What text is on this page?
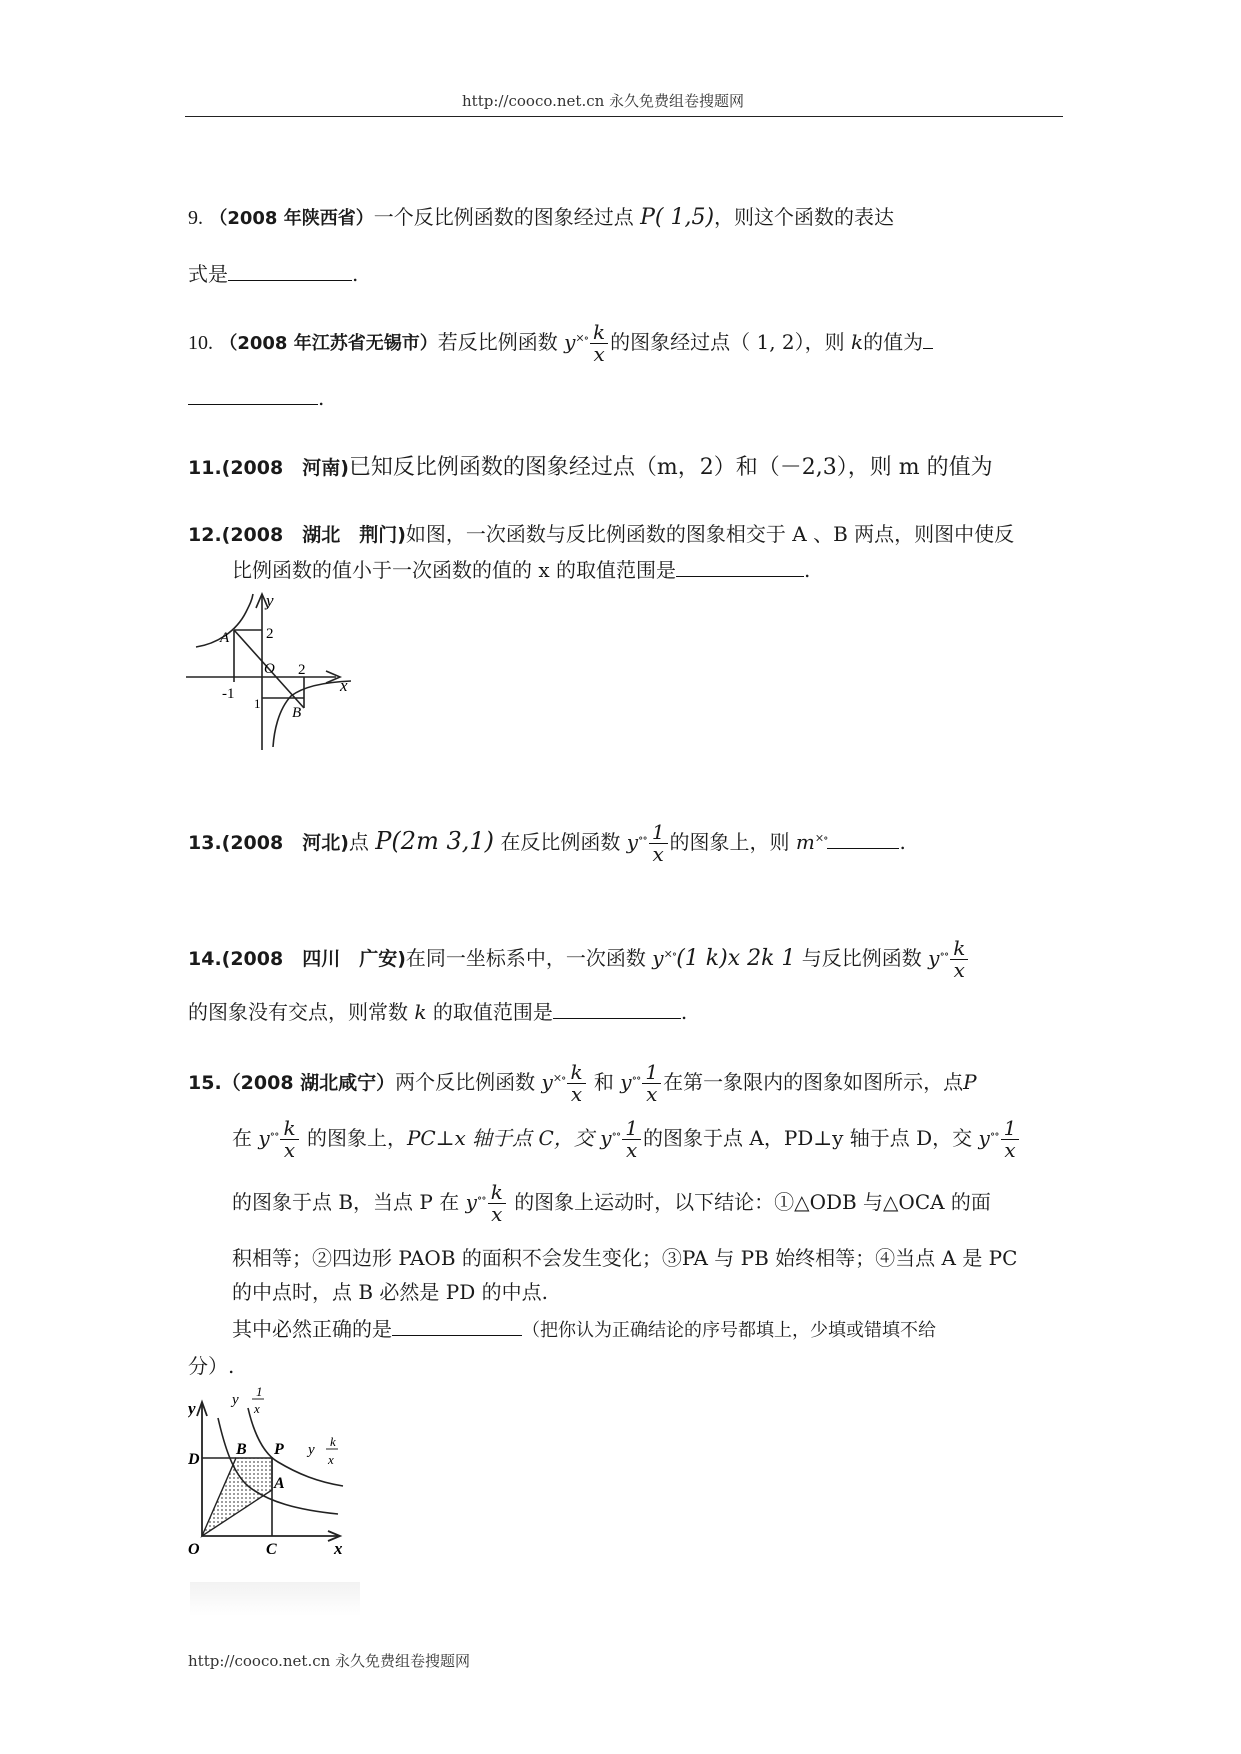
http://cooco.net.cn 永久免费组卷搜题网
9. （2008 年陕西省）一个反比例函数的图象经过点 P( 1,5)，则这个函数的表达
式是	.
10. （2008 年江苏省无锡市）若反比例函数 $y^{\times\circ} \frac{k}{x}$ 的图象经过点（ 1, 2），则 k的值为
.
11.(2008　河南)已知反比例函数的图象经过点（m，2）和（－2,3），则 m 的值为
12.(2008　湖北　荆门)如图，一次函数与反比例函数的图象相交于 A 、B 两点，则图中使反
比例函数的值小于一次函数的值的 x 的取值范围是	.
y
x
O
A
B
2
2
-1
1
13.(2008　河北)点 P(2m 3,1) 在反比例函数 $y^{\circ\circ} \frac{1}{x}$ 的图象上，则 m×∘	.
14.(2008　四川　广安)在同一坐标系中，一次函数 y×∘(1 k)x 2k 1 与反比例函数 $y^{\circ\circ} \frac{k}{x}$
的图象没有交点，则常数 k 的取值范围是	.
15.（2008 湖北咸宁）两个反比例函数 $y^{\times\circ} \frac{k}{x}$ 和 $y^{\circ\circ} \frac{1}{x}$ 在第一象限内的图象如图所示，点P
在 $y^{\circ\circ} \frac{k}{x}$ 的图象上，PC⊥x 轴于点 C，交 $y^{\circ\circ} \frac{1}{x}$ 的图象于点 A，PD⊥y 轴于点 D，交 $y^{\circ\circ} \frac{1}{x}$
的图象于点 B，当点 P 在 $y^{\circ\circ} \frac{k}{x}$ 的图象上运动时，以下结论：①△ODB 与△OCA 的面
积相等；②四边形 PAOB 的面积不会发生变化；③PA 与 PB 始终相等；④当点 A 是 PC
的中点时，点 B 必然是 PD 的中点.
其中必然正确的是	（把你认为正确结论的序号都填上，少填或错填不给
分）.
y
x
O	C
D
B P
A
y
1
x
y
k
x
http://cooco.net.cn 永久免费组卷搜题网
